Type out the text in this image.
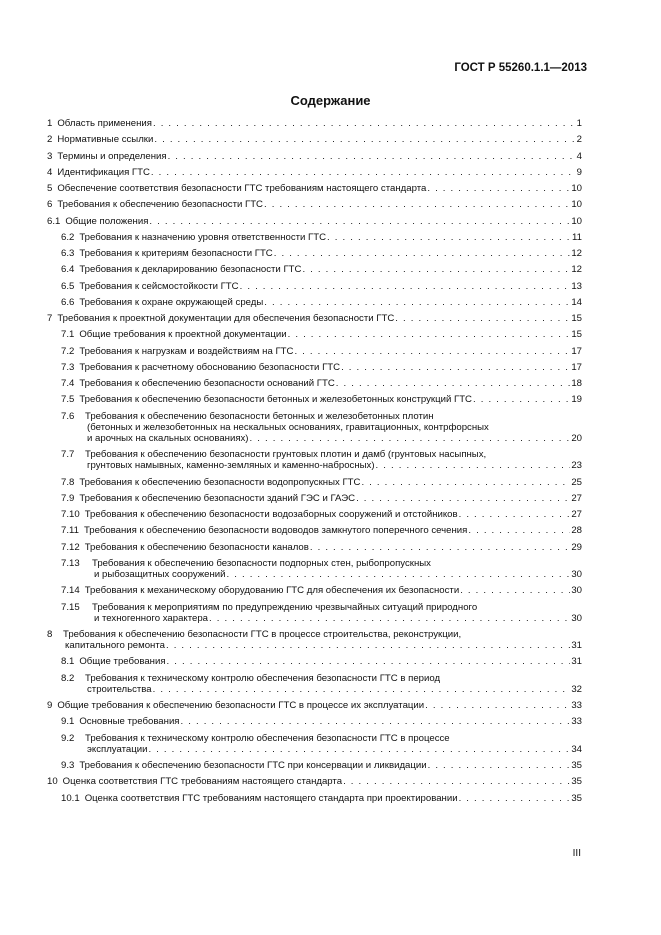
ГОСТ Р 55260.1.1—2013
Содержание
1 Область применения . . .	1
2 Нормативные ссылки . . .	2
3 Термины и определения . . .	4
4 Идентификация ГТС . . .	9
5 Обеспечение соответствия безопасности ГТС требованиям настоящего стандарта . . .	10
6 Требования к обеспечению безопасности ГТС . . .	10
6.1 Общие положения . . .	10
6.2 Требования к назначению уровня ответственности ГТС . . .	11
6.3 Требования к критериям безопасности ГТС . . .	12
6.4 Требования к декларированию безопасности ГТС . . .	12
6.5 Требования к сейсмостойкости ГТС . . .	13
6.6 Требования к охране окружающей среды . . .	14
7 Требования к проектной документации для обеспечения безопасности ГТС . . .	15
7.1 Общие требования к проектной документации . . .	15
7.2 Требования к нагрузкам и воздействиям на ГТС . . .	17
7.3 Требования к расчетному обоснованию безопасности ГТС . . .	17
7.4 Требования к обеспечению безопасности оснований ГТС . . .	18
7.5 Требования к обеспечению безопасности бетонных и железобетонных конструкций ГТС . . .	19
7.6 Требования к обеспечению безопасности бетонных и железобетонных плотин
(бетонных и железобетонных на нескальных основаниях, гравитационных, контрфорсных
и арочных на скальных основаниях) . . .	20
7.7 Требования к обеспечению безопасности грунтовых плотин и дамб (грунтовых насыпных,
грунтовых намывных, каменно-земляных и каменно-набросных) . . .	23
7.8 Требования к обеспечению безопасности водопропускных ГТС . . .	25
7.9 Требования к обеспечению безопасности зданий ГЭС и ГАЭС . . .	27
7.10 Требования к обеспечению безопасности водозаборных сооружений и отстойников . . .	27
7.11 Требования к обеспечению безопасности водоводов замкнутого поперечного сечения . . .	28
7.12 Требования к обеспечению безопасности каналов . . .	29
7.13 Требования к обеспечению безопасности подпорных стен, рыбопропускных
и рыбозащитных сооружений . . .	30
7.14 Требования к механическому оборудованию ГТС для обеспечения их безопасности . . .	30
7.15 Требования к мероприятиям по предупреждению чрезвычайных ситуаций природного
и техногенного характера . . .	30
8 Требования к обеспечению безопасности ГТС в процессе строительства, реконструкции,
капитального ремонта . . .	31
8.1 Общие требования . . .	31
8.2 Требования к техническому контролю обеспечения безопасности ГТС в период
строительства . . .	32
9 Общие требования к обеспечению безопасности ГТС в процессе их эксплуатации . . .	33
9.1 Основные требования . . .	33
9.2 Требования к техническому контролю обеспечения безопасности ГТС в процессе
эксплуатации . . .	34
9.3 Требования к обеспечению безопасности ГТС при консервации и ликвидации . . .	35
10 Оценка соответствия ГТС требованиям настоящего стандарта . . .	35
10.1 Оценка соответствия ГТС требованиям настоящего стандарта при проектировании . . .	35
III
